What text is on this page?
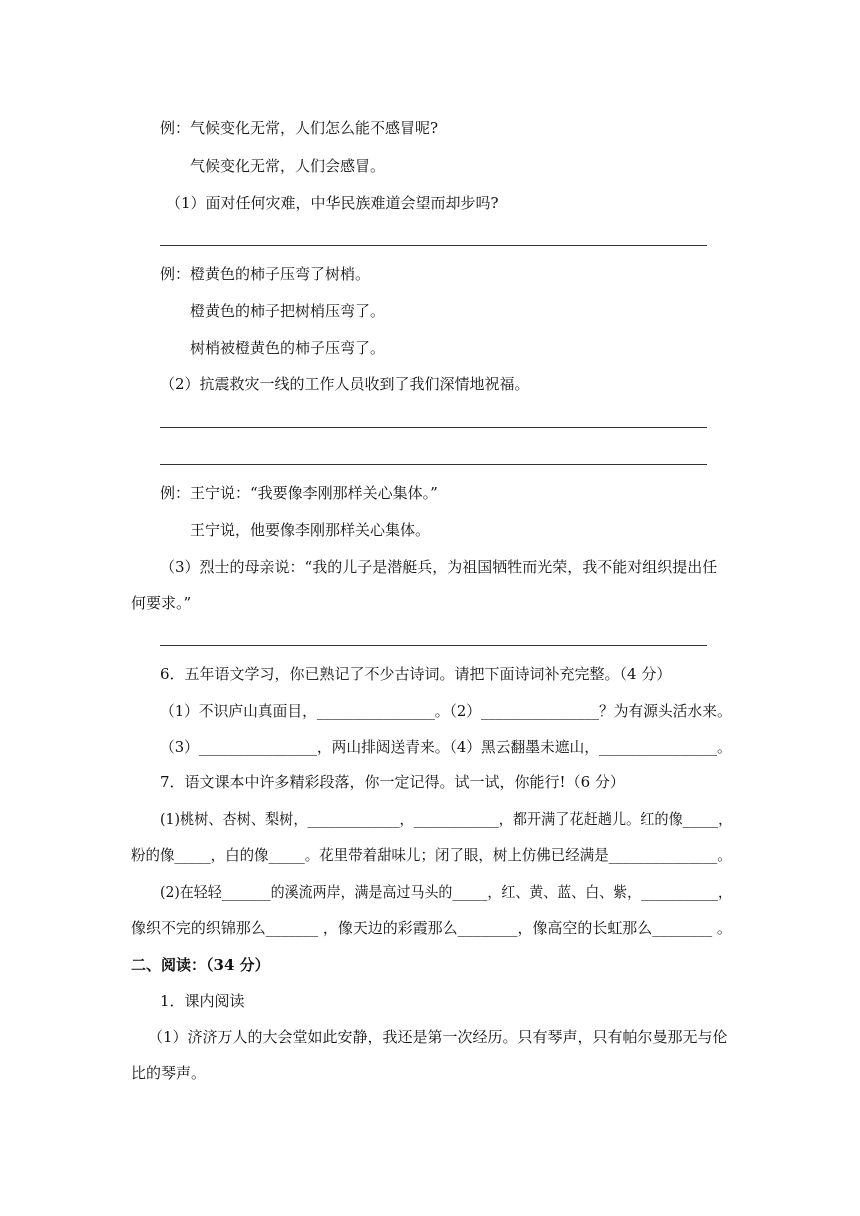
例：气候变化无常，人们怎么能不感冒呢?
气候变化无常，人们会感冒。
（1）面对任何灾难，中华民族难道会望而却步吗?
例：橙黄色的柿子压弯了树梢。
橙黄色的柿子把树梢压弯了。
树梢被橙黄色的柿子压弯了。
（2）抗震救灾一线的工作人员收到了我们深情地祝福。
例：王宁说：“我要像李刚那样关心集体。”
王宁说，他要像李刚那样关心集体。
（3）烈士的母亲说：“我的儿子是潜艇兵，为祖国牺牲而光荣，我不能对组织提出任
何要求。”
6．五年语文学习，你已熟记了不少古诗词。请把下面诗词补充完整。（4 分）
（1）不识庐山真面目，________________。（2）________________？为有源头活水来。
（3）________________，两山排闼送青来。（4）黑云翻墨未遮山，________________。
7．语文课本中许多精彩段落，你一定记得。试一试，你能行!（6 分）
(1)桃树、杏树、梨树，_____________，____________，都开满了花赶趟儿。红的像_____，
粉的像_____，白的像_____。花里带着甜味儿；闭了眼，树上仿佛已经满是_______________。
(2)在轻轻_______的溪流两岸，满是高过马头的_____，红、黄、蓝、白、紫，___________，
像织不完的织锦那么_______ ，像天边的彩霞那么________，像高空的长虹那么________ 。
二、阅读：（34 分）
1．课内阅读
（1）济济万人的大会堂如此安静，我还是第一次经历。只有琴声，只有帕尔曼那无与伦
比的琴声。
